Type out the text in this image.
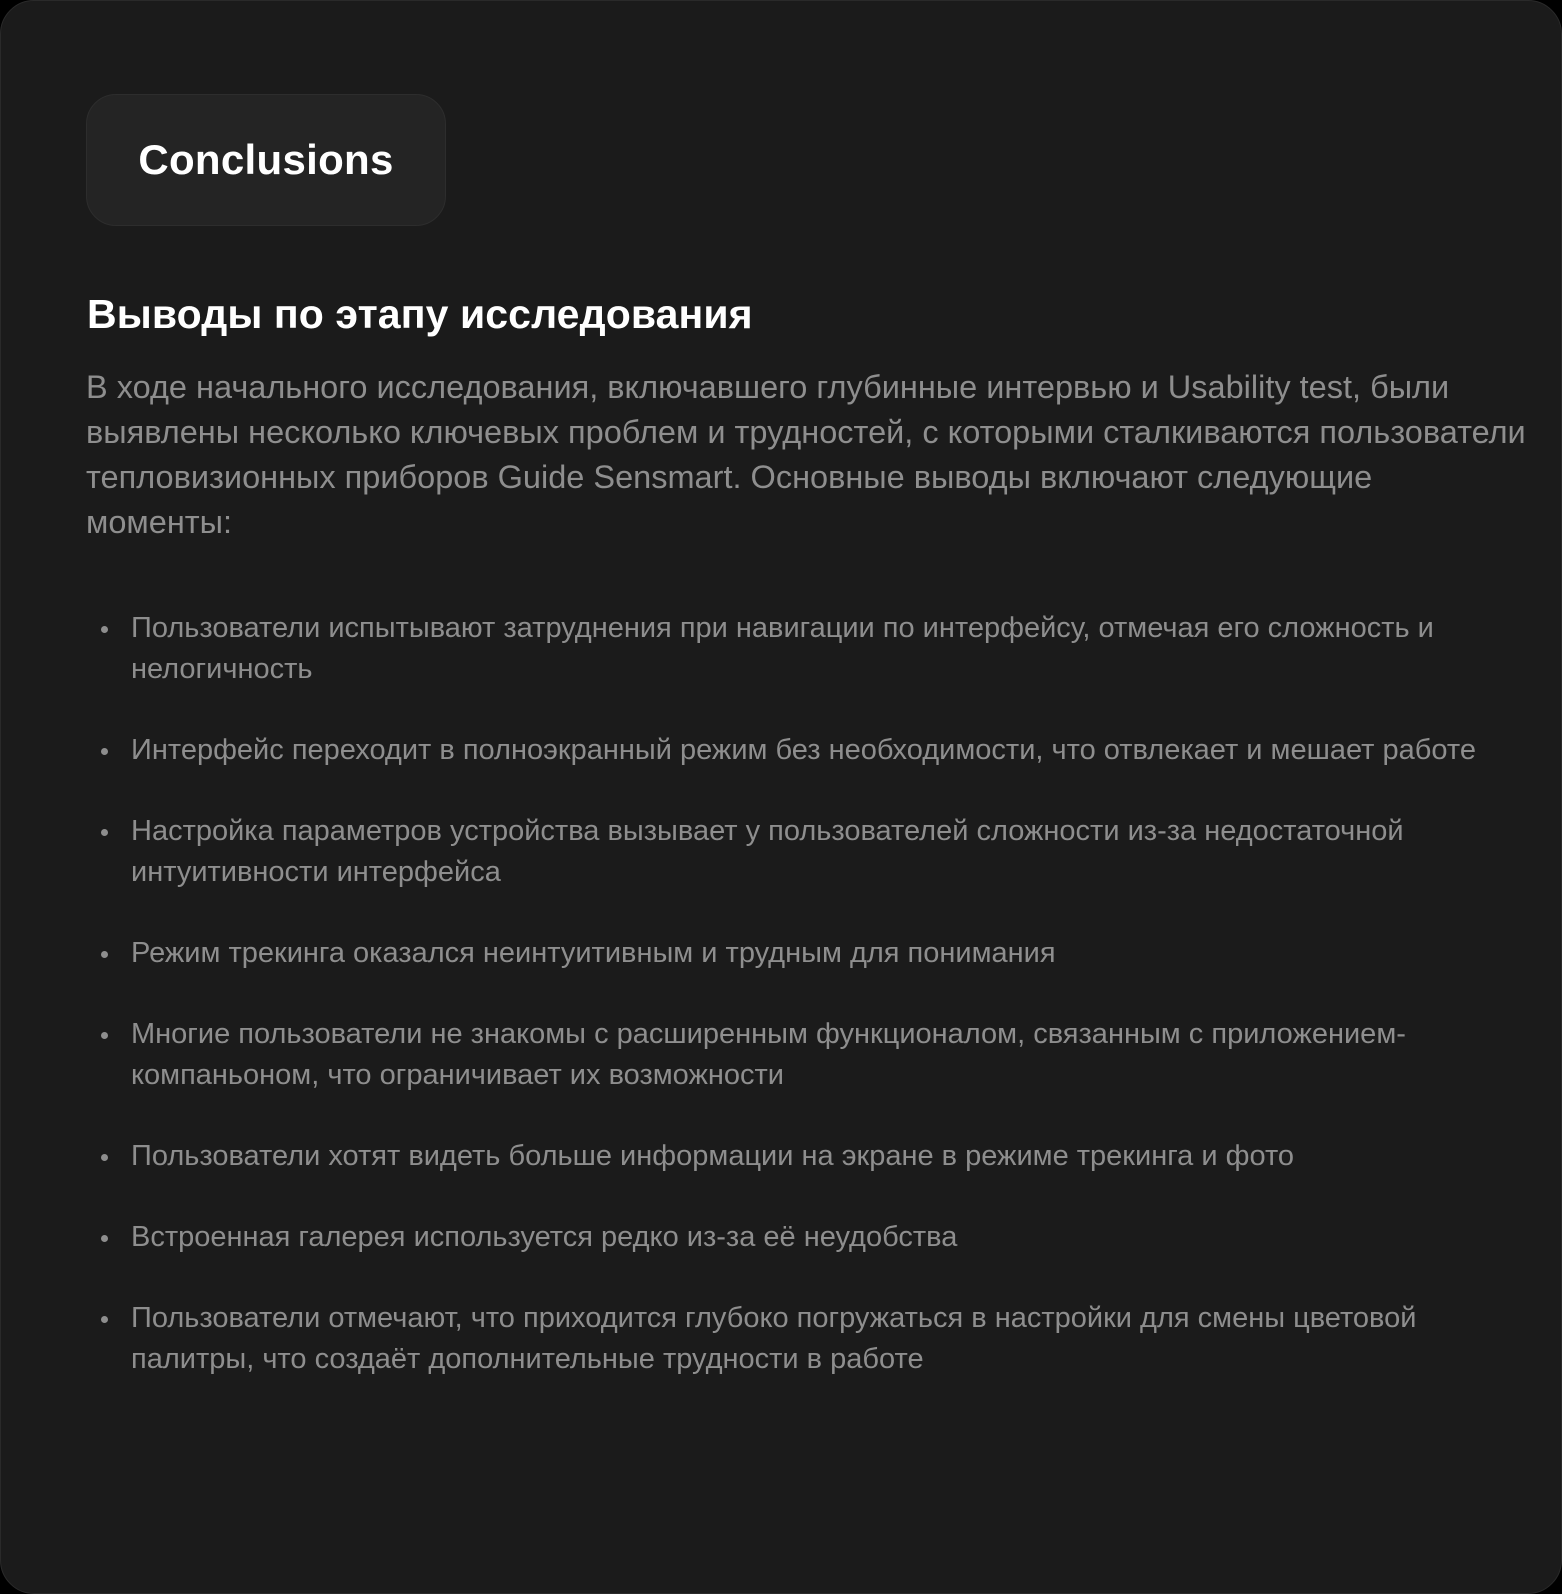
Conclusions
Выводы по этапу исследования

В ходе начального исследования, включавшего глубинные интервью и Usability test, были выявлены несколько ключевых проблем и трудностей, с которыми сталкиваются пользователи тепловизионных приборов Guide Sensmart. Основные выводы включают следующие моменты:

Пользователи испытывают затруднения при навигации по интерфейсу, отмечая его сложность и нелогичность
Интерфейс переходит в полноэкранный режим без необходимости, что отвлекает и мешает работе
Настройка параметров устройства вызывает у пользователей сложности из-за недостаточной интуитивности интерфейса
Режим трекинга оказался неинтуитивным и трудным для понимания
Многие пользователи не знакомы с расширенным функционалом, связанным с приложением-компаньоном, что ограничивает их возможности
Пользователи хотят видеть больше информации на экране в режиме трекинга и фото
Встроенная галерея используется редко из-за её неудобства
Пользователи отмечают, что приходится глубоко погружаться в настройки для смены цветовой палитры, что создаёт дополнительные трудности в работе
